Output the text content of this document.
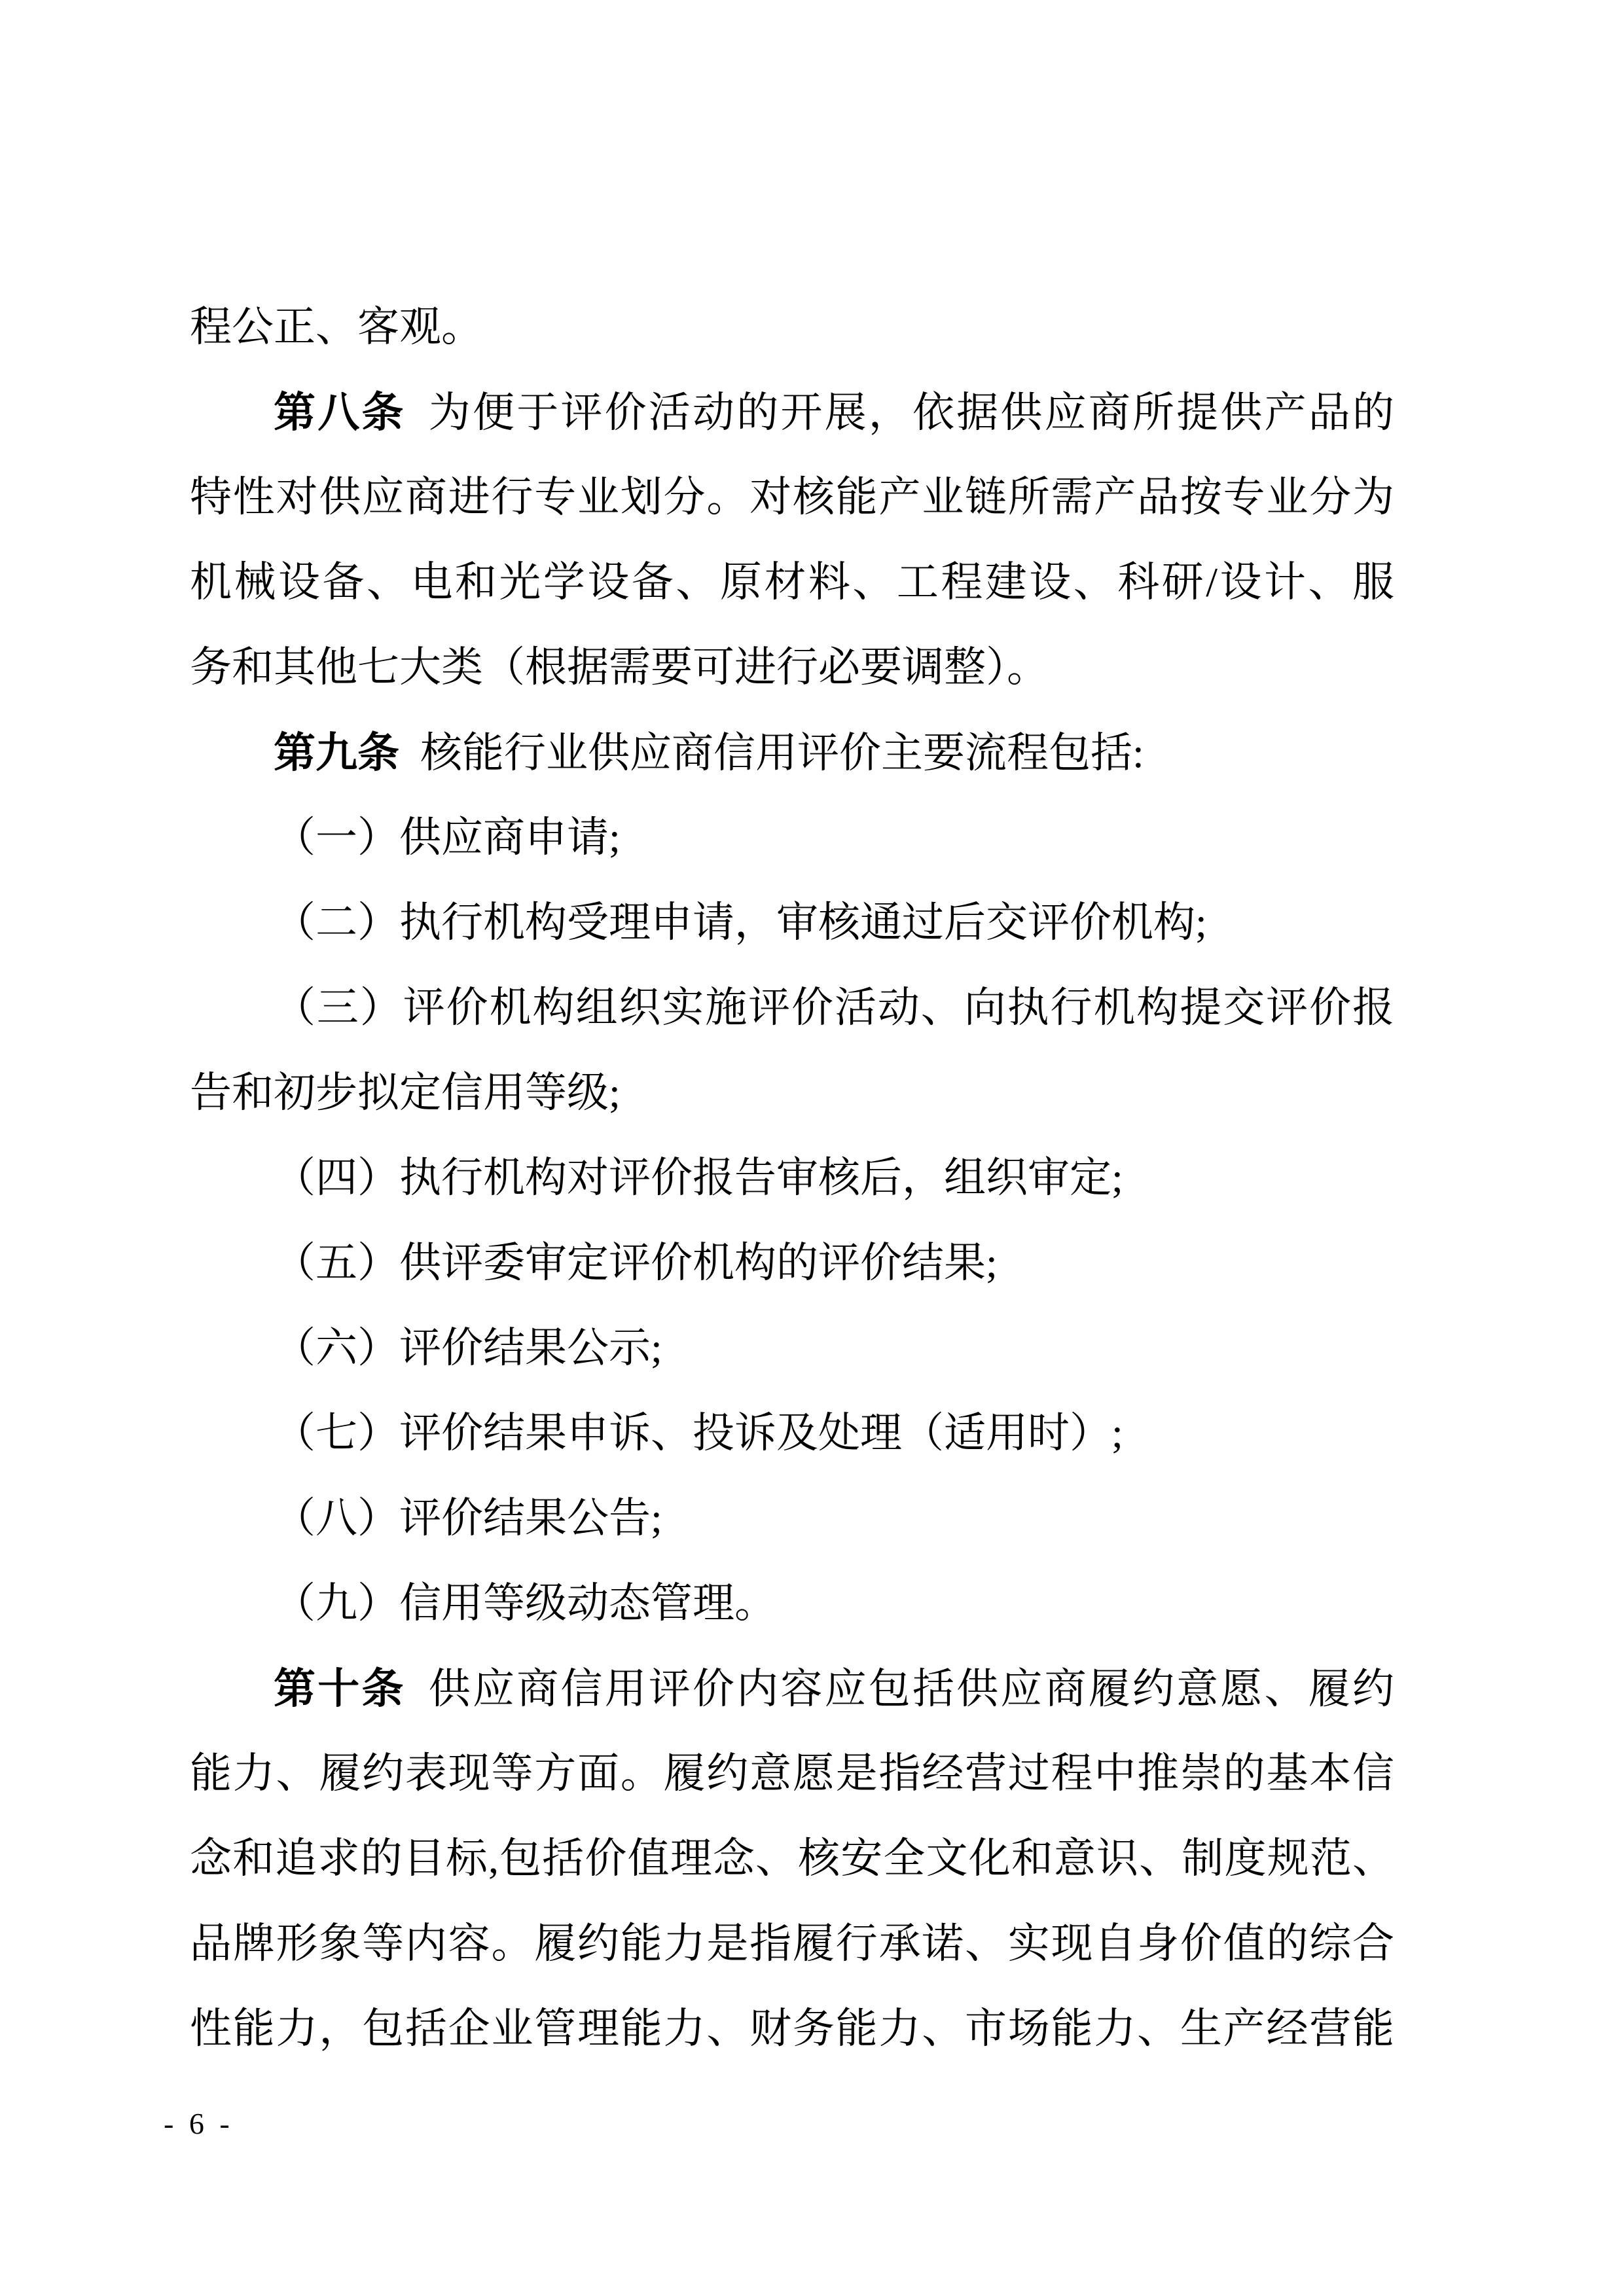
程公正、客观。
第八条 为便于评价活动的开展，依据供应商所提供产品的
特性对供应商进行专业划分。对核能产业链所需产品按专业分为
机械设备、电和光学设备、原材料、工程建设、科研/设计、服
务和其他七大类（根据需要可进行必要调整）。
第九条 核能行业供应商信用评价主要流程包括:
（一）供应商申请;
（二）执行机构受理申请，审核通过后交评价机构;
（三）评价机构组织实施评价活动、向执行机构提交评价报
告和初步拟定信用等级;
（四）执行机构对评价报告审核后，组织审定;
（五）供评委审定评价机构的评价结果;
（六）评价结果公示;
（七）评价结果申诉、投诉及处理（适用时）;
（八）评价结果公告;
（九）信用等级动态管理。
第十条 供应商信用评价内容应包括供应商履约意愿、履约
能力、履约表现等方面。履约意愿是指经营过程中推崇的基本信
念和追求的目标,包括价值理念、核安全文化和意识、制度规范、
品牌形象等内容。履约能力是指履行承诺、实现自身价值的综合
性能力，包括企业管理能力、财务能力、市场能力、生产经营能
- 6 -
